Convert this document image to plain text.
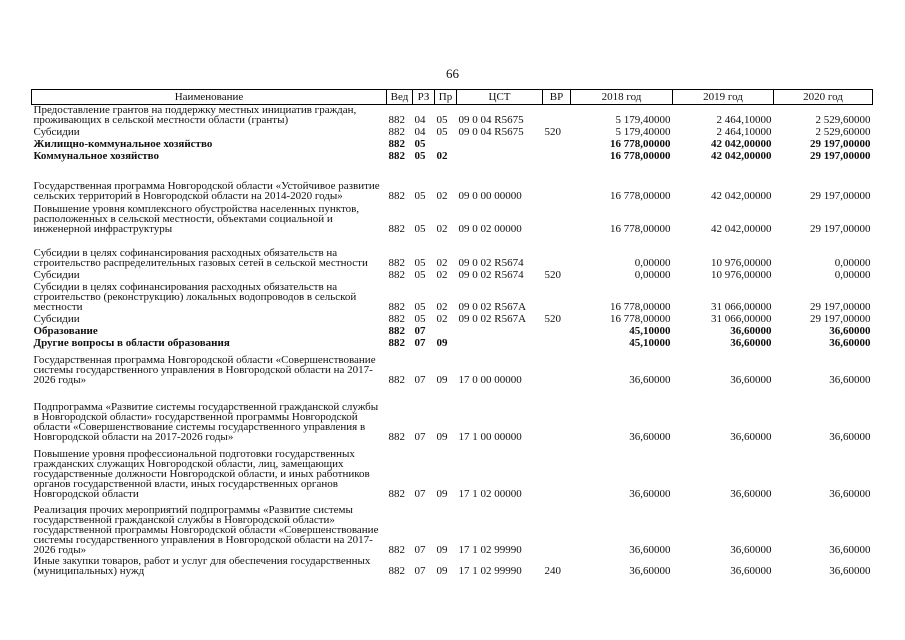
66
Наименование	Вед	РЗ	Пр	ЦСТ	ВР	2018 год	2019 год	2020 год
Предоставление грантов на поддержку местных инициатив граждан, проживающих в сельской местности области (гранты)	882	04	05	09 0 04 R5675		5 179,40000	2 464,10000	2 529,60000
Субсидии	882	04	05	09 0 04 R5675	520	5 179,40000	2 464,10000	2 529,60000
Жилищно-коммунальное хозяйство	882	05				16 778,00000	42 042,00000	29 197,00000
Коммунальное хозяйство	882	05	02			16 778,00000	42 042,00000	29 197,00000
Государственная программа Новгородской области «Устойчивое развитие сельских территорий в Новгородской области на 2014-2020 годы»	882	05	02	09 0 00 00000		16 778,00000	42 042,00000	29 197,00000
Повышение уровня комплексного обустройства населенных пунктов, расположенных в сельской местности, объектами социальной и инженерной инфраструктуры	882	05	02	09 0 02 00000		16 778,00000	42 042,00000	29 197,00000
Субсидии в целях софинансирования расходных обязательств на строительство распределительных газовых сетей в сельской местности	882	05	02	09 0 02 R5674		0,00000	10 976,00000	0,00000
Субсидии	882	05	02	09 0 02 R5674	520	0,00000	10 976,00000	0,00000
Субсидии в целях софинансирования расходных обязательств на строительство (реконструкцию) локальных водопроводов в сельской местности	882	05	02	09 0 02 R567A		16 778,00000	31 066,00000	29 197,00000
Субсидии	882	05	02	09 0 02 R567A	520	16 778,00000	31 066,00000	29 197,00000
Образование	882	07				45,10000	36,60000	36,60000
Другие вопросы в области образования	882	07	09			45,10000	36,60000	36,60000
Государственная программа Новгородской области «Совершенствование системы государственного управления в Новгородской области на 2017-2026 годы»	882	07	09	17 0 00 00000		36,60000	36,60000	36,60000
Подпрограмма «Развитие системы государственной гражданской службы в Новгородской области» государственной программы Новгородской области «Совершенствование системы государственного управления в Новгородской области на 2017-2026 годы»	882	07	09	17 1 00 00000		36,60000	36,60000	36,60000
Повышение уровня профессиональной подготовки государственных гражданских служащих Новгородской области, лиц, замещающих государственные должности Новгородской области, и иных работников органов государственной власти, иных государственных органов Новгородской области	882	07	09	17 1 02 00000		36,60000	36,60000	36,60000
Реализация прочих мероприятий подпрограммы «Развитие системы государственной гражданской службы в Новгородской области» государственной программы Новгородской области «Совершенствование системы государственного управления в Новгородской области на 2017-2026 годы»	882	07	09	17 1 02 99990		36,60000	36,60000	36,60000
Иные закупки товаров, работ и услуг для обеспечения государственных (муниципальных) нужд	882	07	09	17 1 02 99990	240	36,60000	36,60000	36,60000
